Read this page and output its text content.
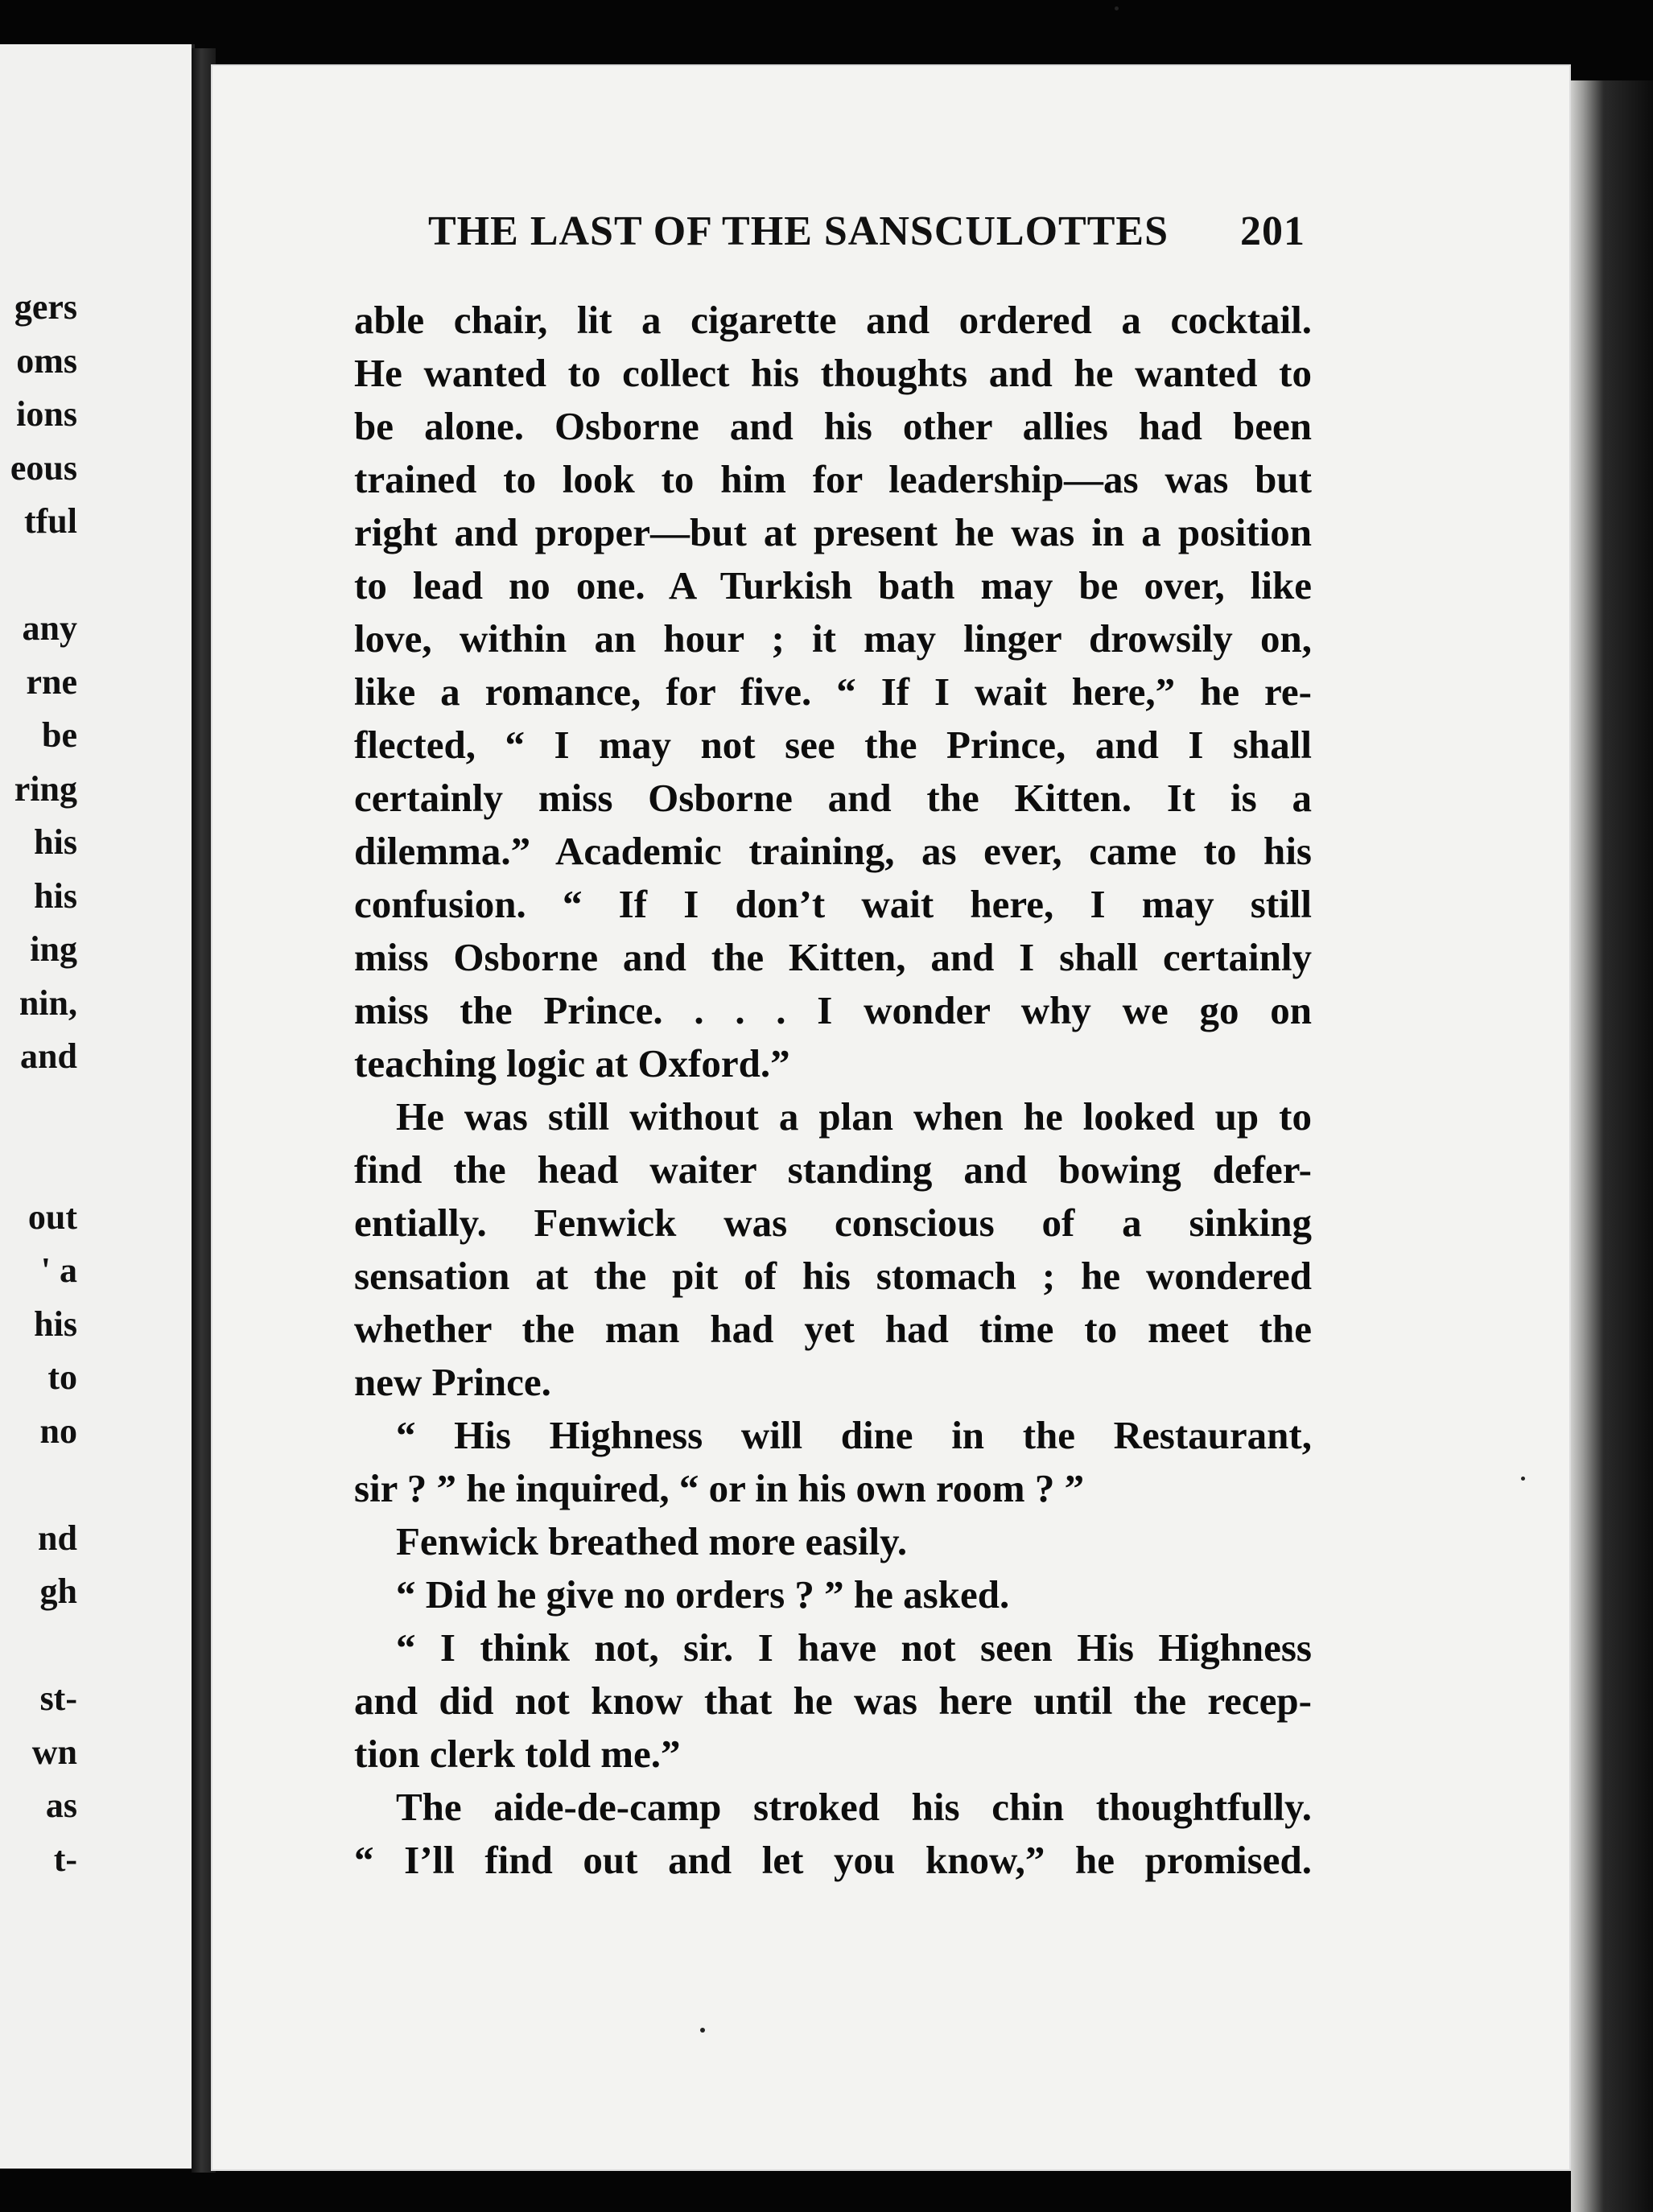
gers
oms
ions
eous
tful
any
rne
be
ring
his
his
ing
nin,
and
out
' a
his
to
no
nd
gh
st-
wn
as
t-
THE LAST OF THE SANSCULOTTES 201
able chair, lit a cigarette and ordered a cocktail.
He wanted to collect his thoughts and he wanted to
be alone. Osborne and his other allies had been
trained to look to him for leadership—as was but
right and proper—but at present he was in a position
to lead no one. A Turkish bath may be over, like
love, within an hour ; it may linger drowsily on,
like a romance, for five. “ If I wait here,” he re-
flected, “ I may not see the Prince, and I shall
certainly miss Osborne and the Kitten. It is a
dilemma.” Academic training, as ever, came to his
confusion. “ If I don’t wait here, I may still
miss Osborne and the Kitten, and I shall certainly
miss the Prince. . . . I wonder why we go on
teaching logic at Oxford.”
He was still without a plan when he looked up to
find the head waiter standing and bowing defer-
entially. Fenwick was conscious of a sinking
sensation at the pit of his stomach ; he wondered
whether the man had yet had time to meet the
new Prince.
“ His Highness will dine in the Restaurant,
sir ? ” he inquired, “ or in his own room ? ”
Fenwick breathed more easily.
“ Did he give no orders ? ” he asked.
“ I think not, sir. I have not seen His Highness
and did not know that he was here until the recep-
tion clerk told me.”
The aide-de-camp stroked his chin thoughtfully.
“ I’ll find out and let you know,” he promised.
